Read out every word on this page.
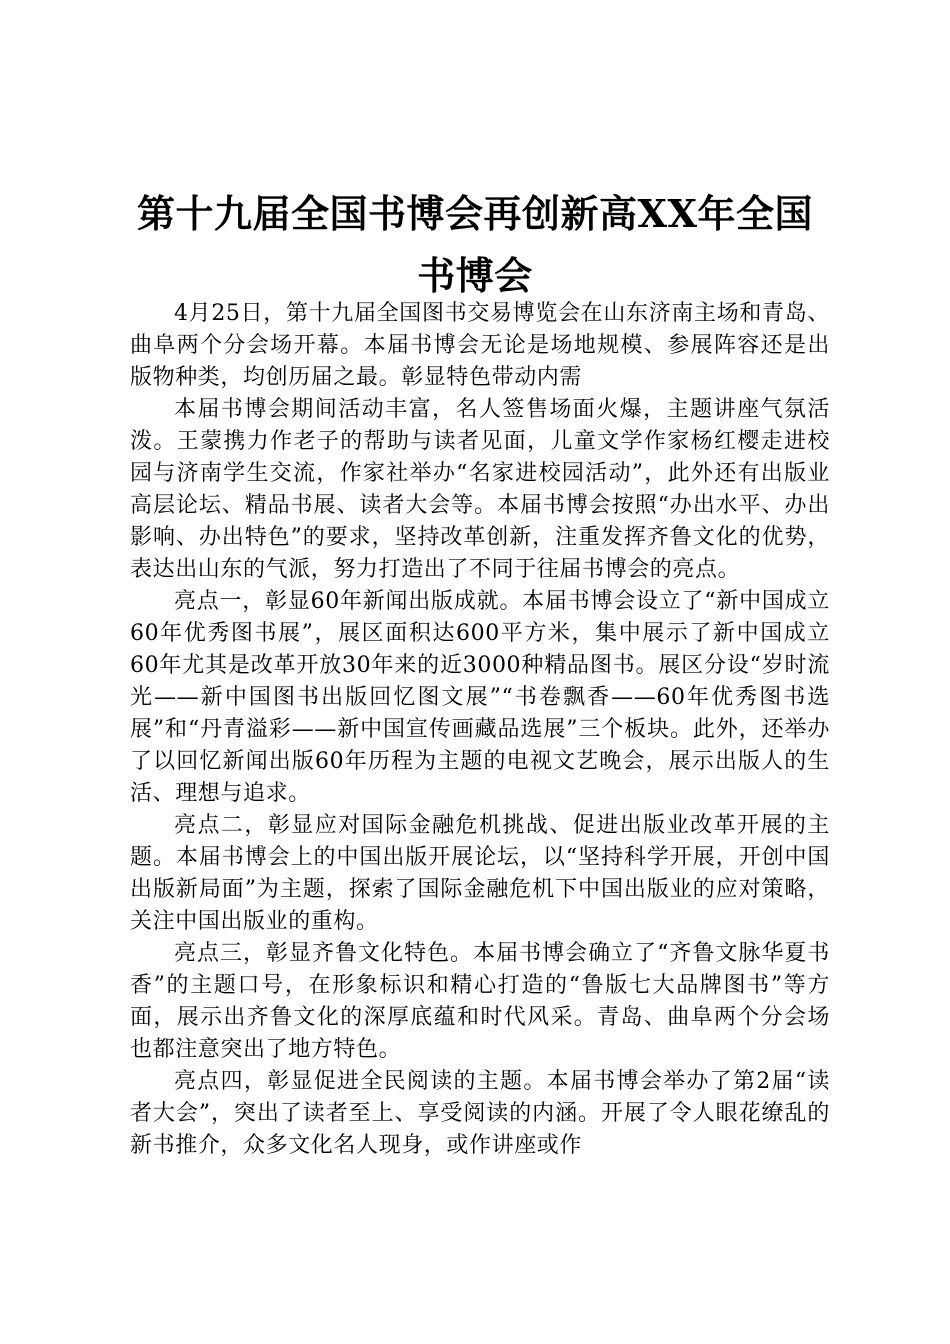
第十九届全国书博会再创新高XX年全国书博会

4月25日，第十九届全国图书交易博览会在山东济南主场和青岛、曲阜两个分会场开幕。本届书博会无论是场地规模、参展阵容还是出版物种类，均创历届之最。彰显特色带动内需

本届书博会期间活动丰富，名人签售场面火爆，主题讲座气氛活泼。王蒙携力作老子的帮助与读者见面，儿童文学作家杨红樱走进校园与济南学生交流，作家社举办“名家进校园活动”，此外还有出版业高层论坛、精品书展、读者大会等。本届书博会按照“办出水平、办出影响、办出特色”的要求，坚持改革创新，注重发挥齐鲁文化的优势，表达出山东的气派，努力打造出了不同于往届书博会的亮点。

亮点一，彰显60年新闻出版成就。本届书博会设立了“新中国成立60年优秀图书展”，展区面积达600平方米，集中展示了新中国成立60年尤其是改革开放30年来的近3000种精品图书。展区分设“岁时流光——新中国图书出版回忆图文展”“书卷飘香——60年优秀图书选展”和“丹青溢彩——新中国宣传画藏品选展”三个板块。此外，还举办了以回忆新闻出版60年历程为主题的电视文艺晚会，展示出版人的生活、理想与追求。

亮点二，彰显应对国际金融危机挑战、促进出版业改革开展的主题。本届书博会上的中国出版开展论坛，以“坚持科学开展，开创中国出版新局面”为主题，探索了国际金融危机下中国出版业的应对策略，关注中国出版业的重构。

亮点三，彰显齐鲁文化特色。本届书博会确立了“齐鲁文脉华夏书香”的主题口号，在形象标识和精心打造的“鲁版七大品牌图书”等方面，展示出齐鲁文化的深厚底蕴和时代风采。青岛、曲阜两个分会场也都注意突出了地方特色。

亮点四，彰显促进全民阅读的主题。本届书博会举办了第2届“读者大会”，突出了读者至上、享受阅读的内涵。开展了令人眼花缭乱的新书推介，众多文化名人现身，或作讲座或作
